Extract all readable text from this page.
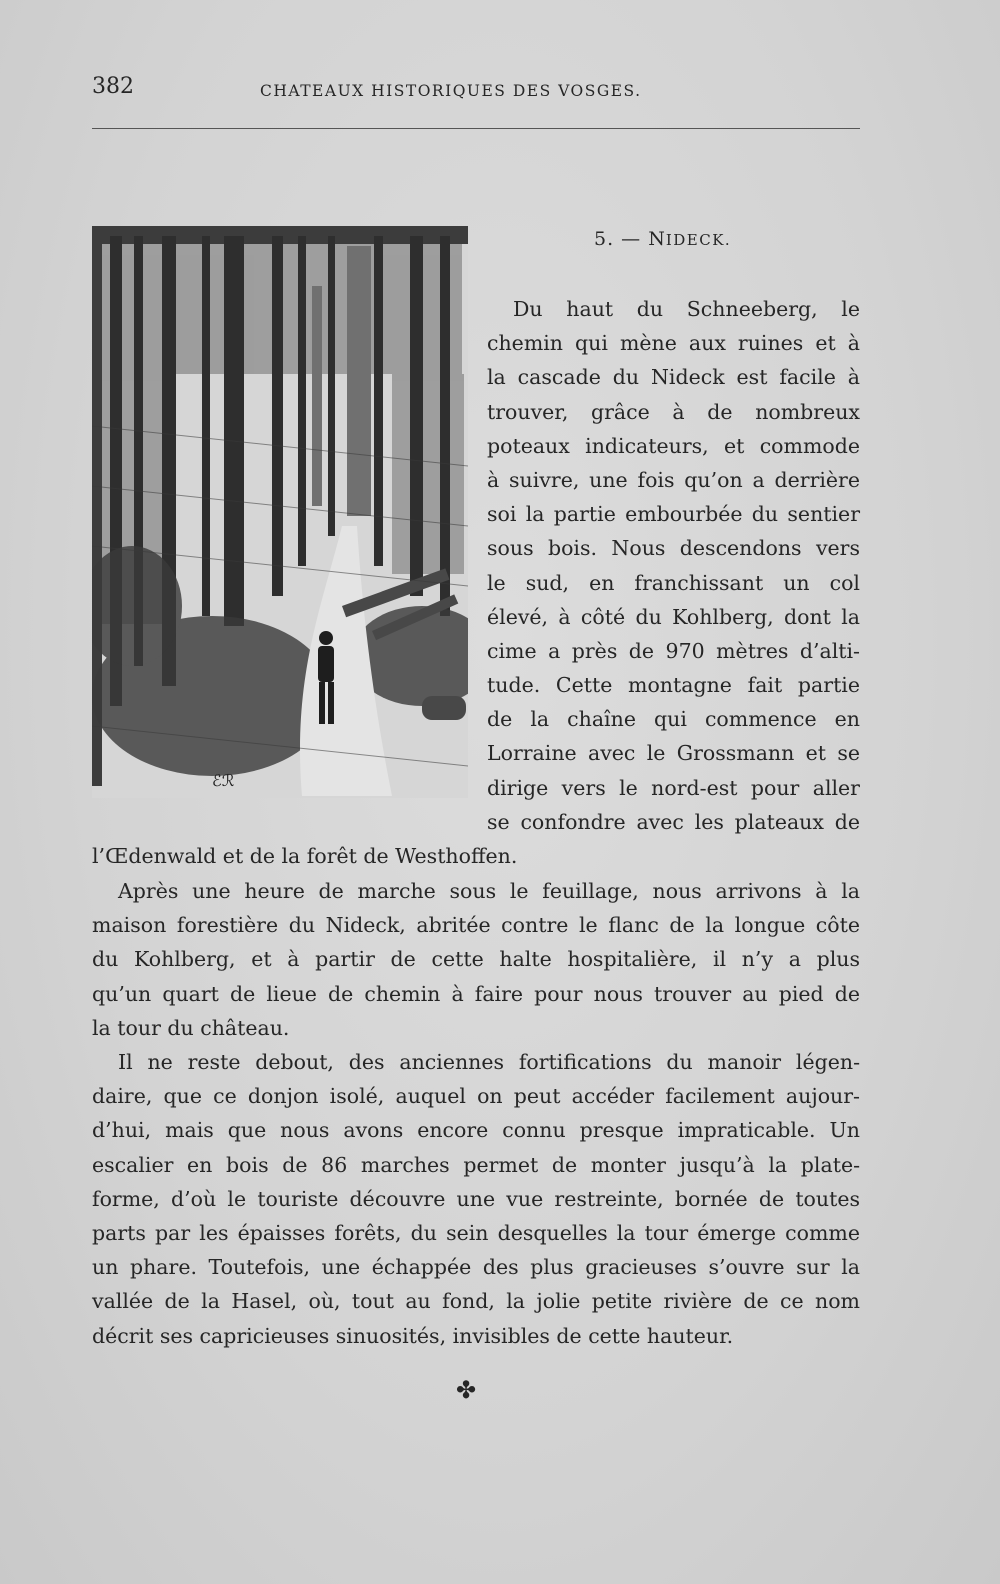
382	CHATEAUX HISTORIQUES DES VOSGES.
ℰℛ
5. — NIDECK.
Du haut du Schneeberg, le
chemin qui mène aux ruines et à
la cascade du Nideck est facile à
trouver, grâce à de nombreux
poteaux indicateurs, et commode
à suivre, une fois qu’on a derrière
soi la partie embourbée du sentier
sous bois. Nous descendons vers
le sud, en franchissant un col
élevé, à côté du Kohlberg, dont la
cime a près de 970 mètres d’alti-
tude. Cette montagne fait partie
de la chaîne qui commence en
Lorraine avec le Grossmann et se
dirige vers le nord-est pour aller
se confondre avec les plateaux de
l’Œdenwald et de la forêt de Westhoffen.
Après une heure de marche sous le feuillage, nous arrivons à la
maison forestière du Nideck, abritée contre le flanc de la longue côte
du Kohlberg, et à partir de cette halte hospitalière, il n’y a plus
qu’un quart de lieue de chemin à faire pour nous trouver au pied de
la tour du château.
Il ne reste debout, des anciennes fortifications du manoir légen-
daire, que ce donjon isolé, auquel on peut accéder facilement aujour-
d’hui, mais que nous avons encore connu presque impraticable. Un
escalier en bois de 86 marches permet de monter jusqu’à la plate-
forme, d’où le touriste découvre une vue restreinte, bornée de toutes
parts par les épaisses forêts, du sein desquelles la tour émerge comme
un phare. Toutefois, une échappée des plus gracieuses s’ouvre sur la
vallée de la Hasel, où, tout au fond, la jolie petite rivière de ce nom
décrit ses capricieuses sinuosités, invisibles de cette hauteur.
✤
